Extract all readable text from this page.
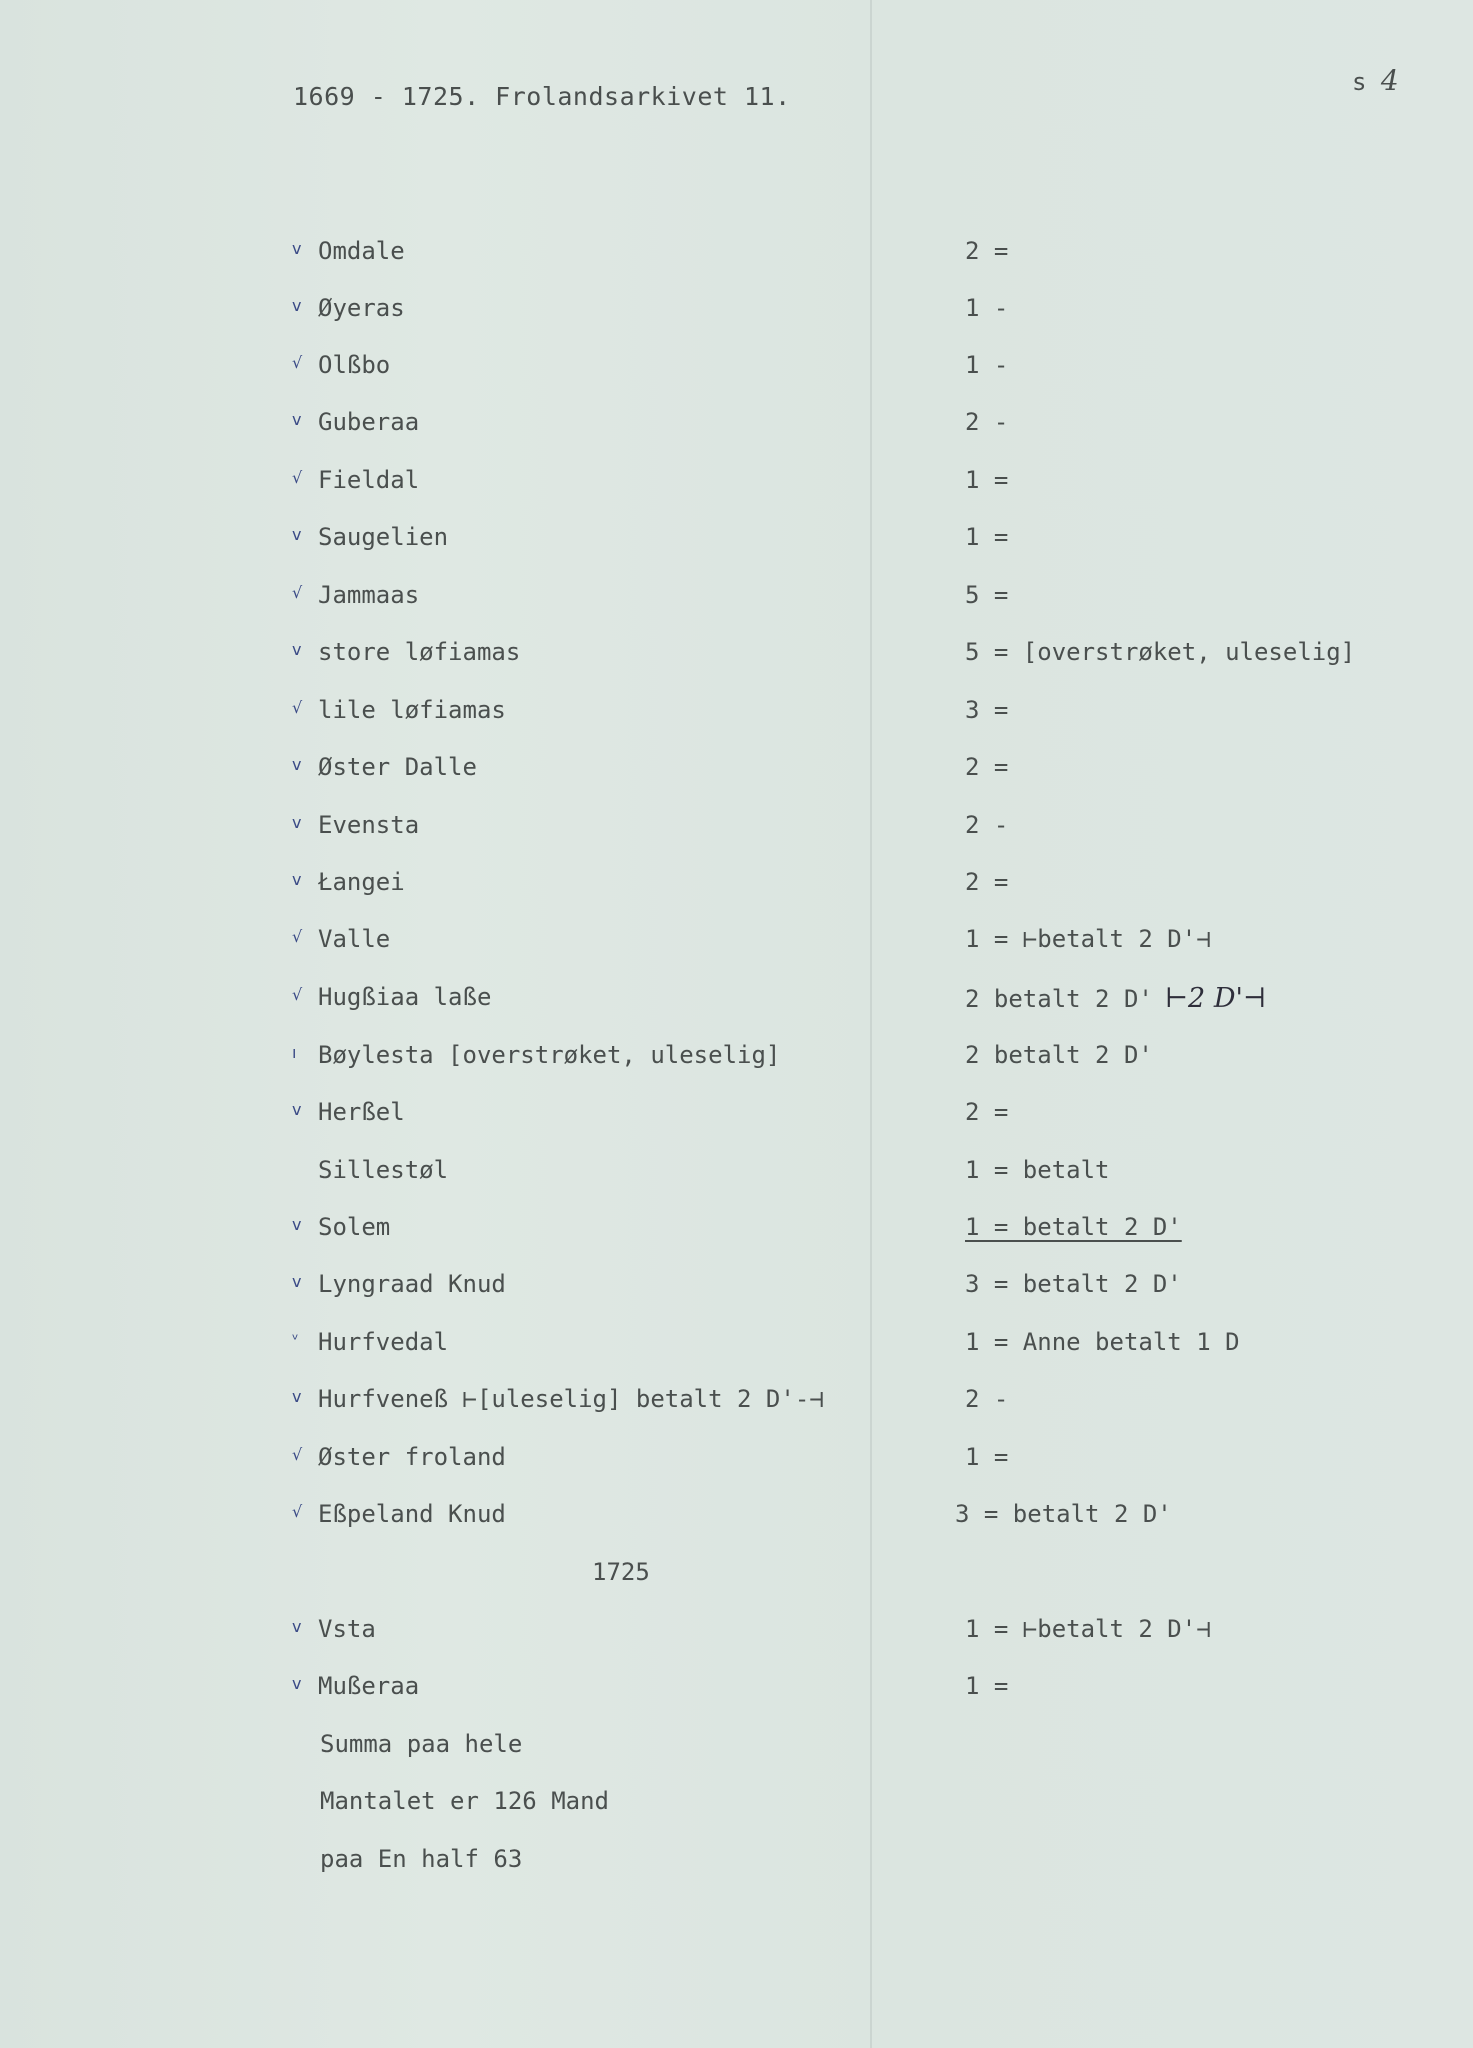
1669 - 1725. Frolandsarkivet 11.	s 4
v Omdale	2 =
v Øyeras	1 -
√ Olßbo	1 -
v Guberaa	2 -
√ Fieldal	1 =
v Saugelien	1 =
√ Jammaas	5 =
v store løfiamas	5 = [overstrøket, uleselig]
√ lile løfiamas	3 =
v Øster Dalle	2 =
v Evensta	2 -
v Łangei	2 =
√ Valle	1 = ⊢betalt 2 D'⊣
√ Hugßiaa laße	2 betalt 2 D' ⊢2 D'⊣
ı Bøylesta [overstrøket, uleselig]	2 betalt 2 D'
v Herßel	2 =
Sillestøl	1 = betalt
v Solem	1 = betalt 2 D'
v Lyngraad Knud	3 = betalt 2 D'
ᵛ Hurfvedal	1 = Anne betalt 1 D
v Hurfveneß ⊢[uleselig] betalt 2 D'-⊣	2 -
√ Øster froland	1 =
√ Eßpeland Knud	3 = betalt 2 D'
1725
v Vsta	1 = ⊢betalt 2 D'⊣
v Mußeraa	1 =
Summa paa hele
Mantalet er 126 Mand
paa En half 63
